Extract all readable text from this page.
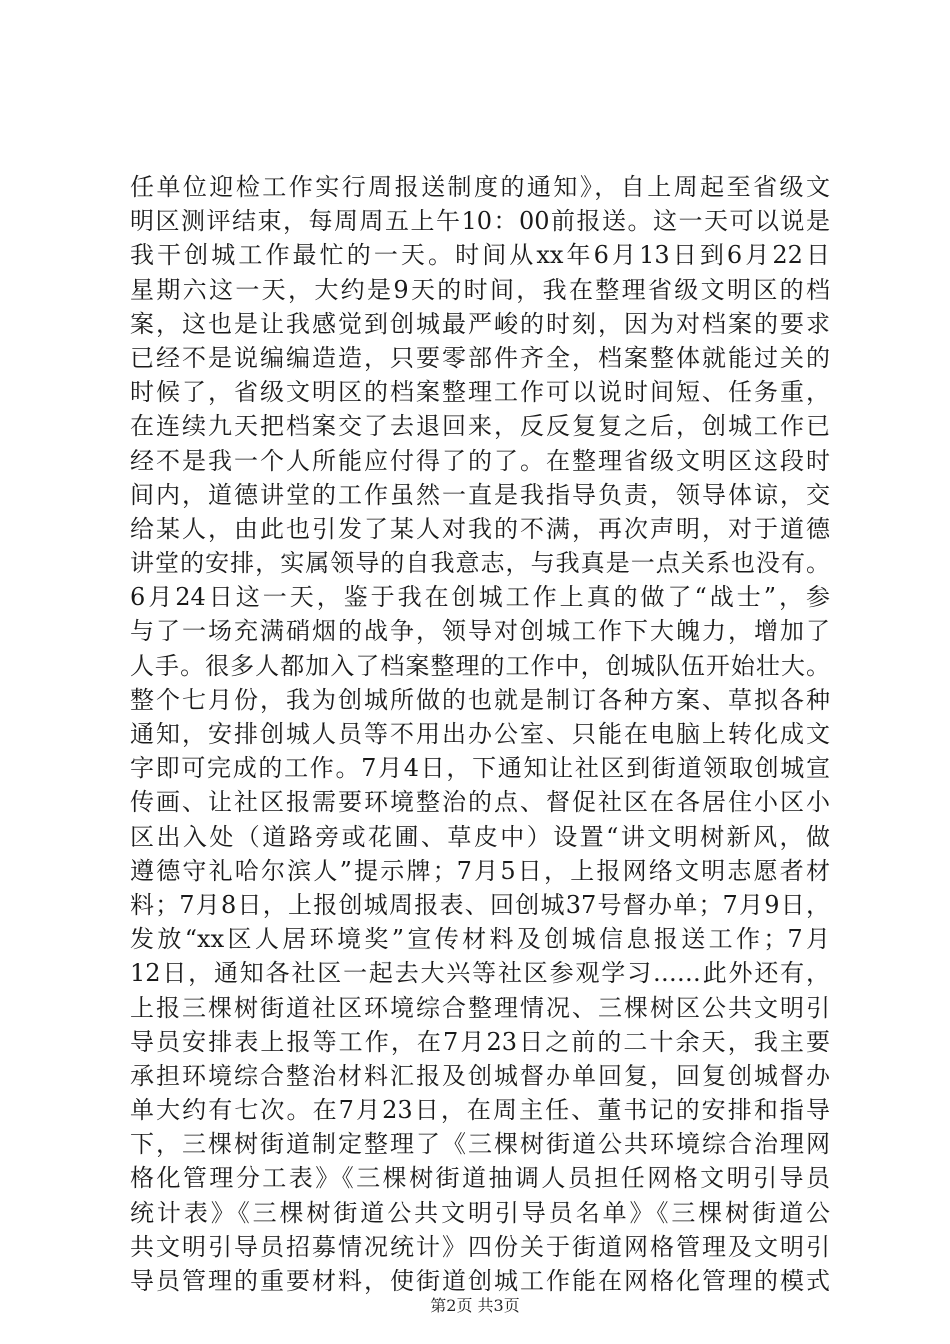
任单位迎检工作实行周报送制度的通知》，自上周起至省级文
明区测评结束，每周周五上午10：00前报送。这一天可以说是
我干创城工作最忙的一天。时间从xx年6月13日到6月22日
星期六这一天，大约是9天的时间，我在整理省级文明区的档
案，这也是让我感觉到创城最严峻的时刻，因为对档案的要求
已经不是说编编造造，只要零部件齐全，档案整体就能过关的
时候了，省级文明区的档案整理工作可以说时间短、任务重，
在连续九天把档案交了去退回来，反反复复之后，创城工作已
经不是我一个人所能应付得了的了。在整理省级文明区这段时
间内，道德讲堂的工作虽然一直是我指导负责，领导体谅，交
给某人，由此也引发了某人对我的不满，再次声明，对于道德
讲堂的安排，实属领导的自我意志，与我真是一点关系也没有。
6月24日这一天，鉴于我在创城工作上真的做了“战士”，参
与了一场充满硝烟的战争，领导对创城工作下大魄力，增加了
人手。很多人都加入了档案整理的工作中，创城队伍开始壮大。
整个七月份，我为创城所做的也就是制订各种方案、草拟各种
通知，安排创城人员等不用出办公室、只能在电脑上转化成文
字即可完成的工作。7月4日，下通知让社区到街道领取创城宣
传画、让社区报需要环境整治的点、督促社区在各居住小区小
区出入处（道路旁或花圃、草皮中）设置“讲文明树新风，做
遵德守礼哈尔滨人”提示牌；7月5日，上报网络文明志愿者材
料；7月8日，上报创城周报表、回创城37号督办单；7月9日，
发放“xx区人居环境奖”宣传材料及创城信息报送工作；7月
12日，通知各社区一起去大兴等社区参观学习……此外还有，
上报三棵树街道社区环境综合整理情况、三棵树区公共文明引
导员安排表上报等工作，在7月23日之前的二十余天，我主要
承担环境综合整治材料汇报及创城督办单回复，回复创城督办
单大约有七次。在7月23日，在周主任、董书记的安排和指导
下，三棵树街道制定整理了《三棵树街道公共环境综合治理网
格化管理分工表》《三棵树街道抽调人员担任网格文明引导员
统计表》《三棵树街道公共文明引导员名单》《三棵树街道公
共文明引导员招募情况统计》四份关于街道网格管理及文明引
导员管理的重要材料，使街道创城工作能在网格化管理的模式
第2页 共3页
